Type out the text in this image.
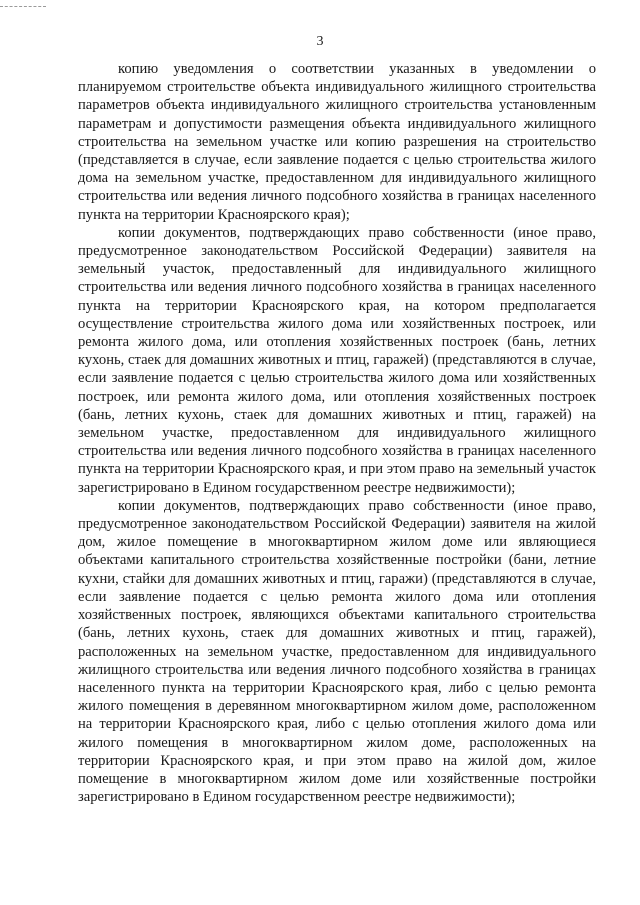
3

копию уведомления о соответствии указанных в уведомлении о планируемом строительстве объекта индивидуального жилищного строительства параметров объекта индивидуального жилищного строительства установленным параметрам и допустимости размещения объекта индивидуального жилищного строительства на земельном участке или копию разрешения на строительство (представляется в случае, если заявление подается с целью строительства жилого дома на земельном участке, предоставленном для индивидуального жилищного строительства или ведения личного подсобного хозяйства в границах населенного пункта на территории Красноярского края);

копии документов, подтверждающих право собственности (иное право, предусмотренное законодательством Российской Федерации) заявителя на земельный участок, предоставленный для индивидуального жилищного строительства или ведения личного подсобного хозяйства в границах населенного пункта на территории Красноярского края, на котором предполагается осуществление строительства жилого дома или хозяйственных построек, или ремонта жилого дома, или отопления хозяйственных построек (бань, летних кухонь, стаек для домашних животных и птиц, гаражей) (представляются в случае, если заявление подается с целью строительства жилого дома или хозяйственных построек, или ремонта жилого дома, или отопления хозяйственных построек (бань, летних кухонь, стаек для домашних животных и птиц, гаражей) на земельном участке, предоставленном для индивидуального жилищного строительства или ведения личного подсобного хозяйства в границах населенного пункта на территории Красноярского края, и при этом право на земельный участок зарегистрировано в Едином государственном реестре недвижимости);

копии документов, подтверждающих право собственности (иное право, предусмотренное законодательством Российской Федерации) заявителя на жилой дом, жилое помещение в многоквартирном жилом доме или являющиеся объектами капитального строительства хозяйственные постройки (бани, летние кухни, стайки для домашних животных и птиц, гаражи) (представляются в случае, если заявление подается с целью ремонта жилого дома или отопления хозяйственных построек, являющихся объектами капитального строительства (бань, летних кухонь, стаек для домашних животных и птиц, гаражей), расположенных на земельном участке, предоставленном для индивидуального жилищного строительства или ведения личного подсобного хозяйства в границах населенного пункта на территории Красноярского края, либо с целью ремонта жилого помещения в деревянном многоквартирном жилом доме, расположенном на территории Красноярского края, либо с целью отопления жилого дома или жилого помещения в многоквартирном жилом доме, расположенных на территории Красноярского края, и при этом право на жилой дом, жилое помещение в многоквартирном жилом доме или хозяйственные постройки зарегистрировано в Едином государственном реестре недвижимости);
